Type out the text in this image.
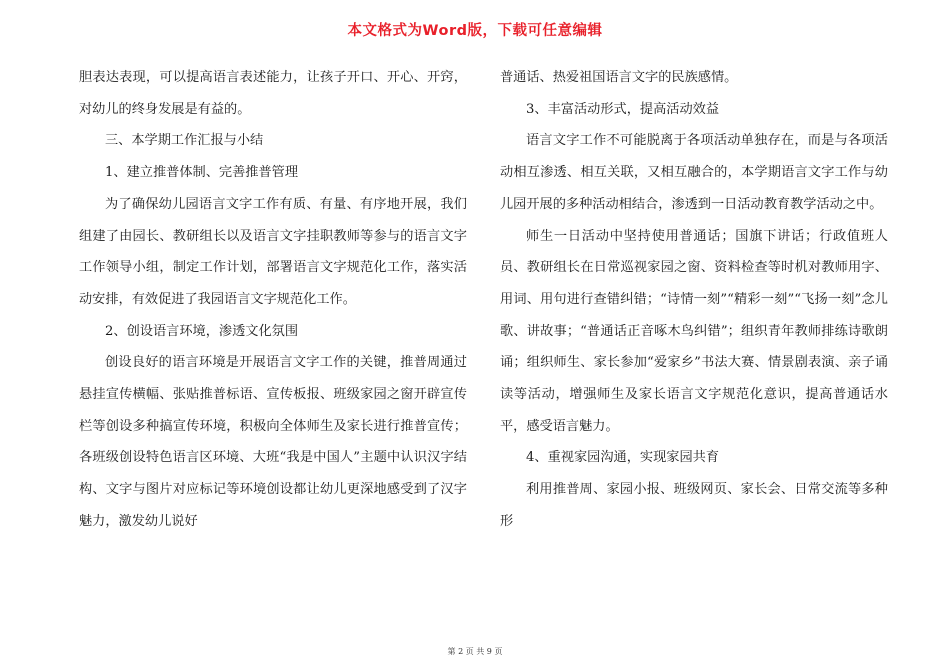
本文格式为Word版，下载可任意编辑

胆表达表现，可以提高语言表述能力，让孩子开口、开心、开窍，对幼儿的终身发展是有益的。

三、本学期工作汇报与小结

1、建立推普体制、完善推普管理

为了确保幼儿园语言文字工作有质、有量、有序地开展，我们组建了由园长、教研组长以及语言文字挂职教师等参与的语言文字工作领导小组，制定工作计划，部署语言文字规范化工作，落实活动安排，有效促进了我园语言文字规范化工作。

2、创设语言环境，渗透文化氛围

创设良好的语言环境是开展语言文字工作的关键，推普周通过悬挂宣传横幅、张贴推普标语、宣传板报、班级家园之窗开辟宣传栏等创设多种搞宣传环境，积极向全体师生及家长进行推普宣传；各班级创设特色语言区环境、大班“我是中国人”主题中认识汉字结构、文字与图片对应标记等环境创设都让幼儿更深地感受到了汉字魅力，激发幼儿说好

普通话、热爱祖国语言文字的民族感情。

3、丰富活动形式，提高活动效益

语言文字工作不可能脱离于各项活动单独存在，而是与各项活动相互渗透、相互关联，又相互融合的，本学期语言文字工作与幼儿园开展的多种活动相结合，渗透到一日活动教育教学活动之中。

师生一日活动中坚持使用普通话；国旗下讲话；行政值班人员、教研组长在日常巡视家园之窗、资料检查等时机对教师用字、用词、用句进行查错纠错；“诗情一刻”“精彩一刻”“飞扬一刻”念儿歌、讲故事；“普通话正音啄木鸟纠错”；组织青年教师排练诗歌朗诵；组织师生、家长参加“爱家乡”书法大赛、情景剧表演、亲子诵读等活动，增强师生及家长语言文字规范化意识，提高普通话水平，感受语言魅力。

4、重视家园沟通，实现家园共育

利用推普周、家园小报、班级网页、家长会、日常交流等多种形

第 2 页 共 9 页
